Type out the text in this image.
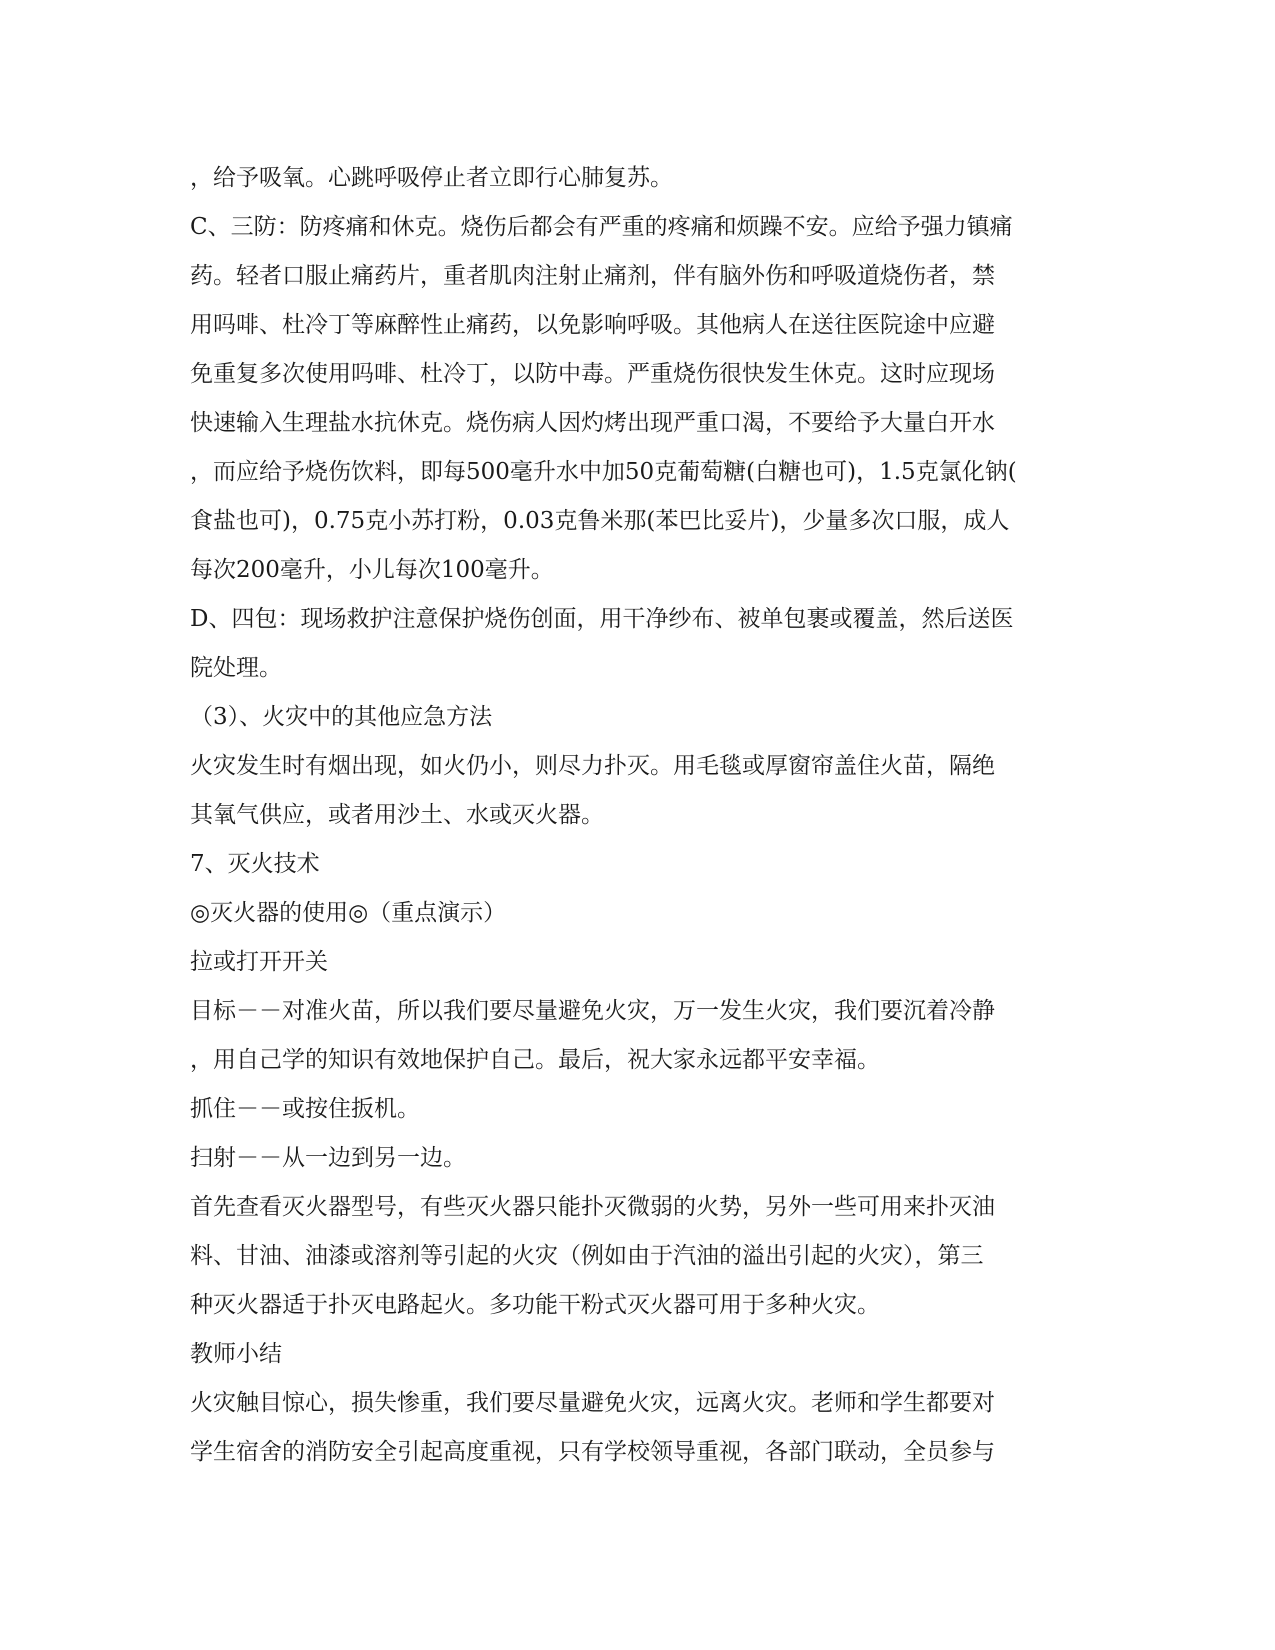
，给予吸氧。心跳呼吸停止者立即行心肺复苏。
C、三防：防疼痛和休克。烧伤后都会有严重的疼痛和烦躁不安。应给予强力镇痛
药。轻者口服止痛药片，重者肌肉注射止痛剂，伴有脑外伤和呼吸道烧伤者，禁
用吗啡、杜冷丁等麻醉性止痛药，以免影响呼吸。其他病人在送往医院途中应避
免重复多次使用吗啡、杜冷丁，以防中毒。严重烧伤很快发生休克。这时应现场
快速输入生理盐水抗休克。烧伤病人因灼烤出现严重口渴，不要给予大量白开水
，而应给予烧伤饮料，即每500毫升水中加50克葡萄糖(白糖也可)，1.5克氯化钠(
食盐也可)，0.75克小苏打粉，0.03克鲁米那(苯巴比妥片)，少量多次口服，成人
每次200毫升，小儿每次100毫升。
D、四包：现场救护注意保护烧伤创面，用干净纱布、被单包裹或覆盖，然后送医
院处理。
（3）、火灾中的其他应急方法
火灾发生时有烟出现，如火仍小，则尽力扑灭。用毛毯或厚窗帘盖住火苗，隔绝
其氧气供应，或者用沙土、水或灭火器。
7、灭火技术
◎灭火器的使用◎（重点演示）
拉或打开开关
目标－－对准火苗，所以我们要尽量避免火灾，万一发生火灾，我们要沉着冷静
，用自己学的知识有效地保护自己。最后，祝大家永远都平安幸福。
抓住－－或按住扳机。
扫射－－从一边到另一边。
首先查看灭火器型号，有些灭火器只能扑灭微弱的火势，另外一些可用来扑灭油
料、甘油、油漆或溶剂等引起的火灾（例如由于汽油的溢出引起的火灾），第三
种灭火器适于扑灭电路起火。多功能干粉式灭火器可用于多种火灾。
教师小结
火灾触目惊心，损失惨重，我们要尽量避免火灾，远离火灾。老师和学生都要对
学生宿舍的消防安全引起高度重视，只有学校领导重视，各部门联动，全员参与
